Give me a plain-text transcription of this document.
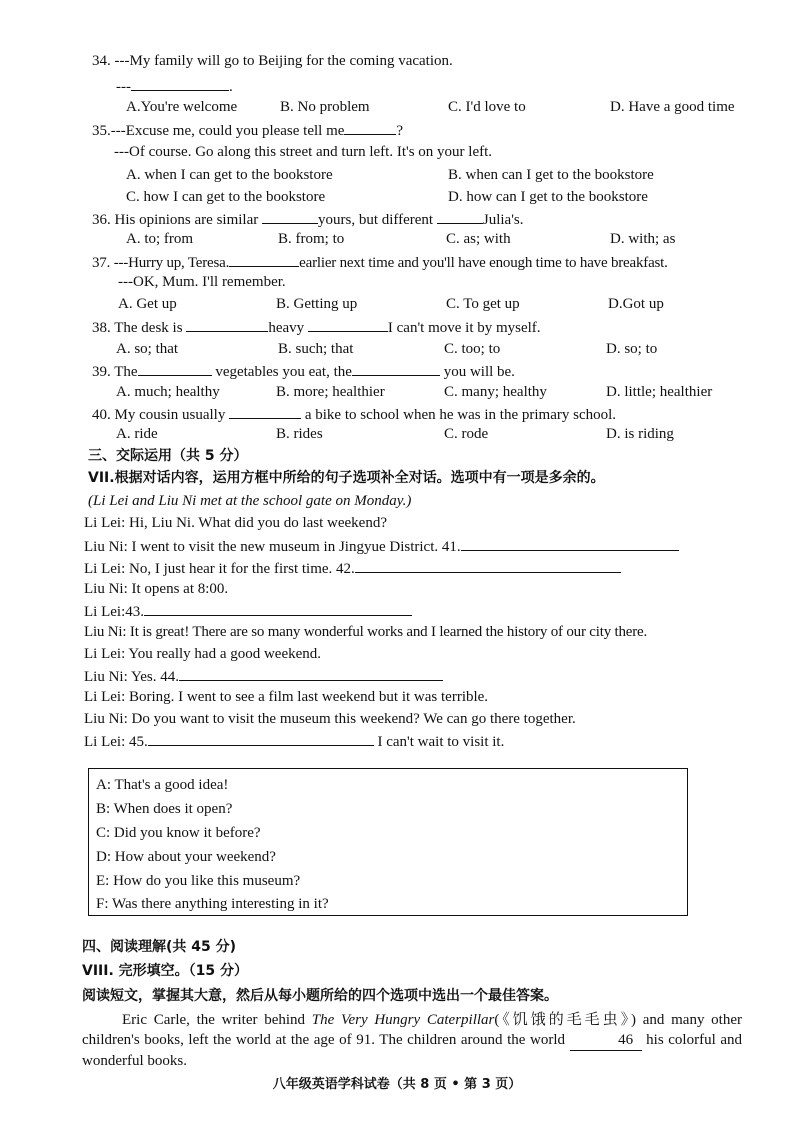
34. ---My family will go to Beijing for the coming vacation.
---	.
A.You're welcome	B. No problem	C. I'd love to	D. Have a good time
35.---Excuse me, could you please tell me	?
---Of course. Go along this street and turn left. It's on your left.
A. when I can get to the bookstore	B. when can I get to the bookstore
C. how I can get to the bookstore	D. how can I get to the bookstore
36. His opinions are similar	yours, but different	Julia's.
A. to; from	B. from; to	C. as; with	D. with; as
37. ---Hurry up, Teresa.	earlier next time and you'll have enough time to have breakfast.
---OK, Mum. I'll remember.
A. Get up	B. Getting up	C. To get up	D.Got up
38. The desk is	heavy	I can't move it by myself.
A. so; that	B. such; that	C. too; to	D. so; to
39. The	vegetables you eat, the	you will be.
A. much; healthy	B. more; healthier	C. many; healthy	D. little; healthier
40. My cousin usually	a bike to school when he was in the primary school.
A. ride	B. rides	C. rode	D. is riding
三、交际运用（共 5 分）
VII.根据对话内容，运用方框中所给的句子选项补全对话。选项中有一项是多余的。
(Li Lei and Liu Ni met at the school gate on Monday.)
Li Lei: Hi, Liu Ni. What did you do last weekend?
Liu Ni: I went to visit the new museum in Jingyue District. 41.
Li Lei: No, I just hear it for the first time. 42.
Liu Ni: It opens at 8:00.
Li Lei:43.
Liu Ni: It is great! There are so many wonderful works and I learned the history of our city there.
Li Lei: You really had a good weekend.
Liu Ni: Yes. 44.
Li Lei: Boring. I went to see a film last weekend but it was terrible.
Liu Ni: Do you want to visit the museum this weekend? We can go there together.
Li Lei: 45.	I can't wait to visit it.
A: That's a good idea!
B: When does it open?
C: Did you know it before?
D: How about your weekend?
E: How do you like this museum?
F: Was there anything interesting in it?
四、阅读理解(共 45 分)
VIII. 完形填空。（15 分）
阅读短文，掌握其大意，然后从每小题所给的四个选项中选出一个最佳答案。
Eric Carle, the writer behind The Very Hungry Caterpillar(《饥饿的毛毛虫》) and many other children's books, left the world at the age of 91. The children around the world	46 his colorful and wonderful books.
八年级英语学科试卷（共 8 页 • 第 3 页）
